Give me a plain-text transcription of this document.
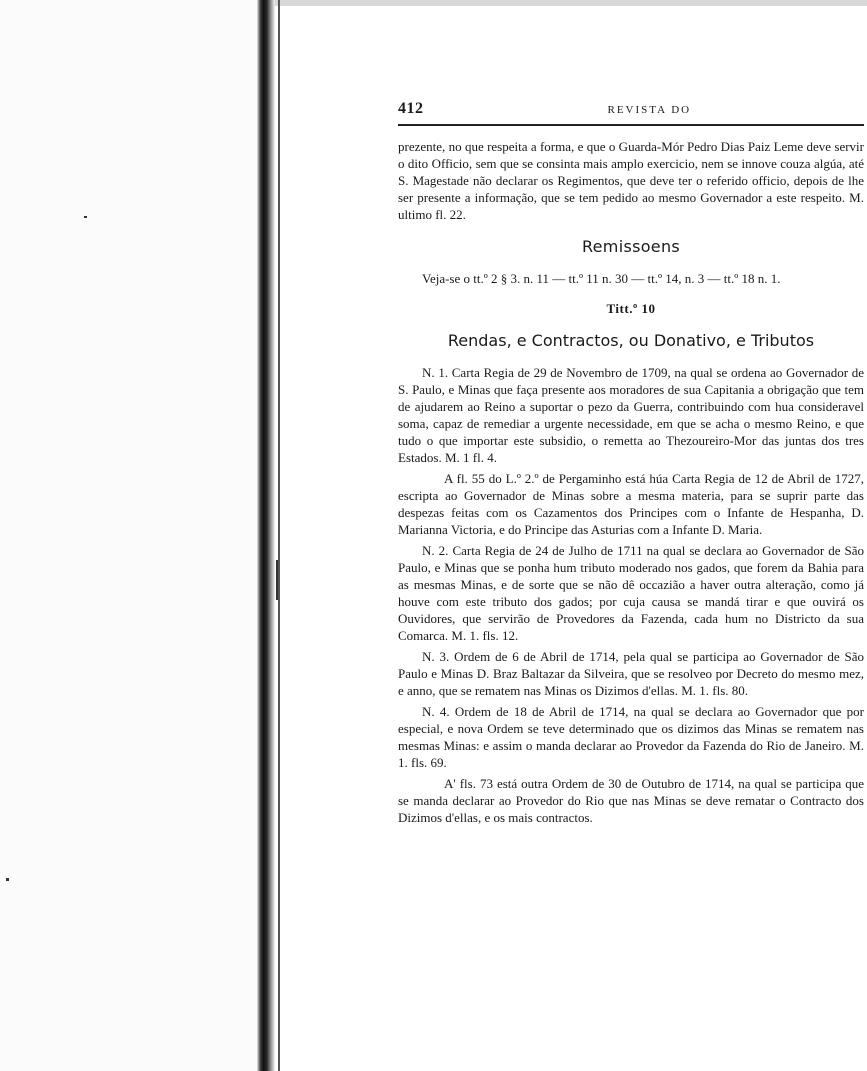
412	REVISTA DO

prezente, no que respeita a forma, e que o Guarda-Mór Pedro Dias Paiz Leme deve servir o dito Officio, sem que se consinta mais amplo exercicio, nem se innove couza algúa, até S. Magestade não declarar os Regimentos, que deve ter o referido officio, depois de lhe ser presente a informação, que se tem pedido ao mesmo Governador a este respeito. M. ultimo fl. 22.

Remissoens

Veja-se o tt.º 2 § 3. n. 11 — tt.º 11 n. 30 — tt.º 14, n. 3 — tt.º 18 n. 1.

Titt.º 10
Rendas, e Contractos, ou Donativo, e Tributos

N. 1. Carta Regia de 29 de Novembro de 1709, na qual se ordena ao Governador de S. Paulo, e Minas que faça presente aos moradores de sua Capitania a obrigação que tem de ajudarem ao Reino a suportar o pezo da Guerra, contribuindo com hua consideravel soma, capaz de remediar a urgente necessidade, em que se acha o mesmo Reino, e que tudo o que importar este subsidio, o remetta ao Thezoureiro-Mor das juntas dos tres Estados. M. 1 fl. 4.

A fl. 55 do L.º 2.º de Pergaminho está húa Carta Regia de 12 de Abril de 1727, escripta ao Governador de Minas sobre a mesma materia, para se suprir parte das despezas feitas com os Cazamentos dos Principes com o Infante de Hespanha, D. Marianna Victoria, e do Principe das Asturias com a Infante D. Maria.

N. 2. Carta Regia de 24 de Julho de 1711 na qual se declara ao Governador de São Paulo, e Minas que se ponha hum tributo moderado nos gados, que forem da Bahia para as mesmas Minas, e de sorte que se não dê occazião a haver outra alteração, como já houve com este tributo dos gados; por cuja causa se mandá tirar e que ouvirá os Ouvidores, que servirão de Provedores da Fazenda, cada hum no Districto da sua Comarca. M. 1. fls. 12.

N. 3. Ordem de 6 de Abril de 1714, pela qual se participa ao Governador de São Paulo e Minas D. Braz Baltazar da Silveira, que se resolveo por Decreto do mesmo mez, e anno, que se rematem nas Minas os Dizimos d'ellas. M. 1. fls. 80.

N. 4. Ordem de 18 de Abril de 1714, na qual se declara ao Governador que por especial, e nova Ordem se teve determinado que os dizimos das Minas se rematem nas mesmas Minas: e assim o manda declarar ao Provedor da Fazenda do Rio de Janeiro. M. 1. fls. 69.

A' fls. 73 está outra Ordem de 30 de Outubro de 1714, na qual se participa que se manda declarar ao Provedor do Rio que nas Minas se deve rematar o Contracto dos Dizimos d'ellas, e os mais contractos.
